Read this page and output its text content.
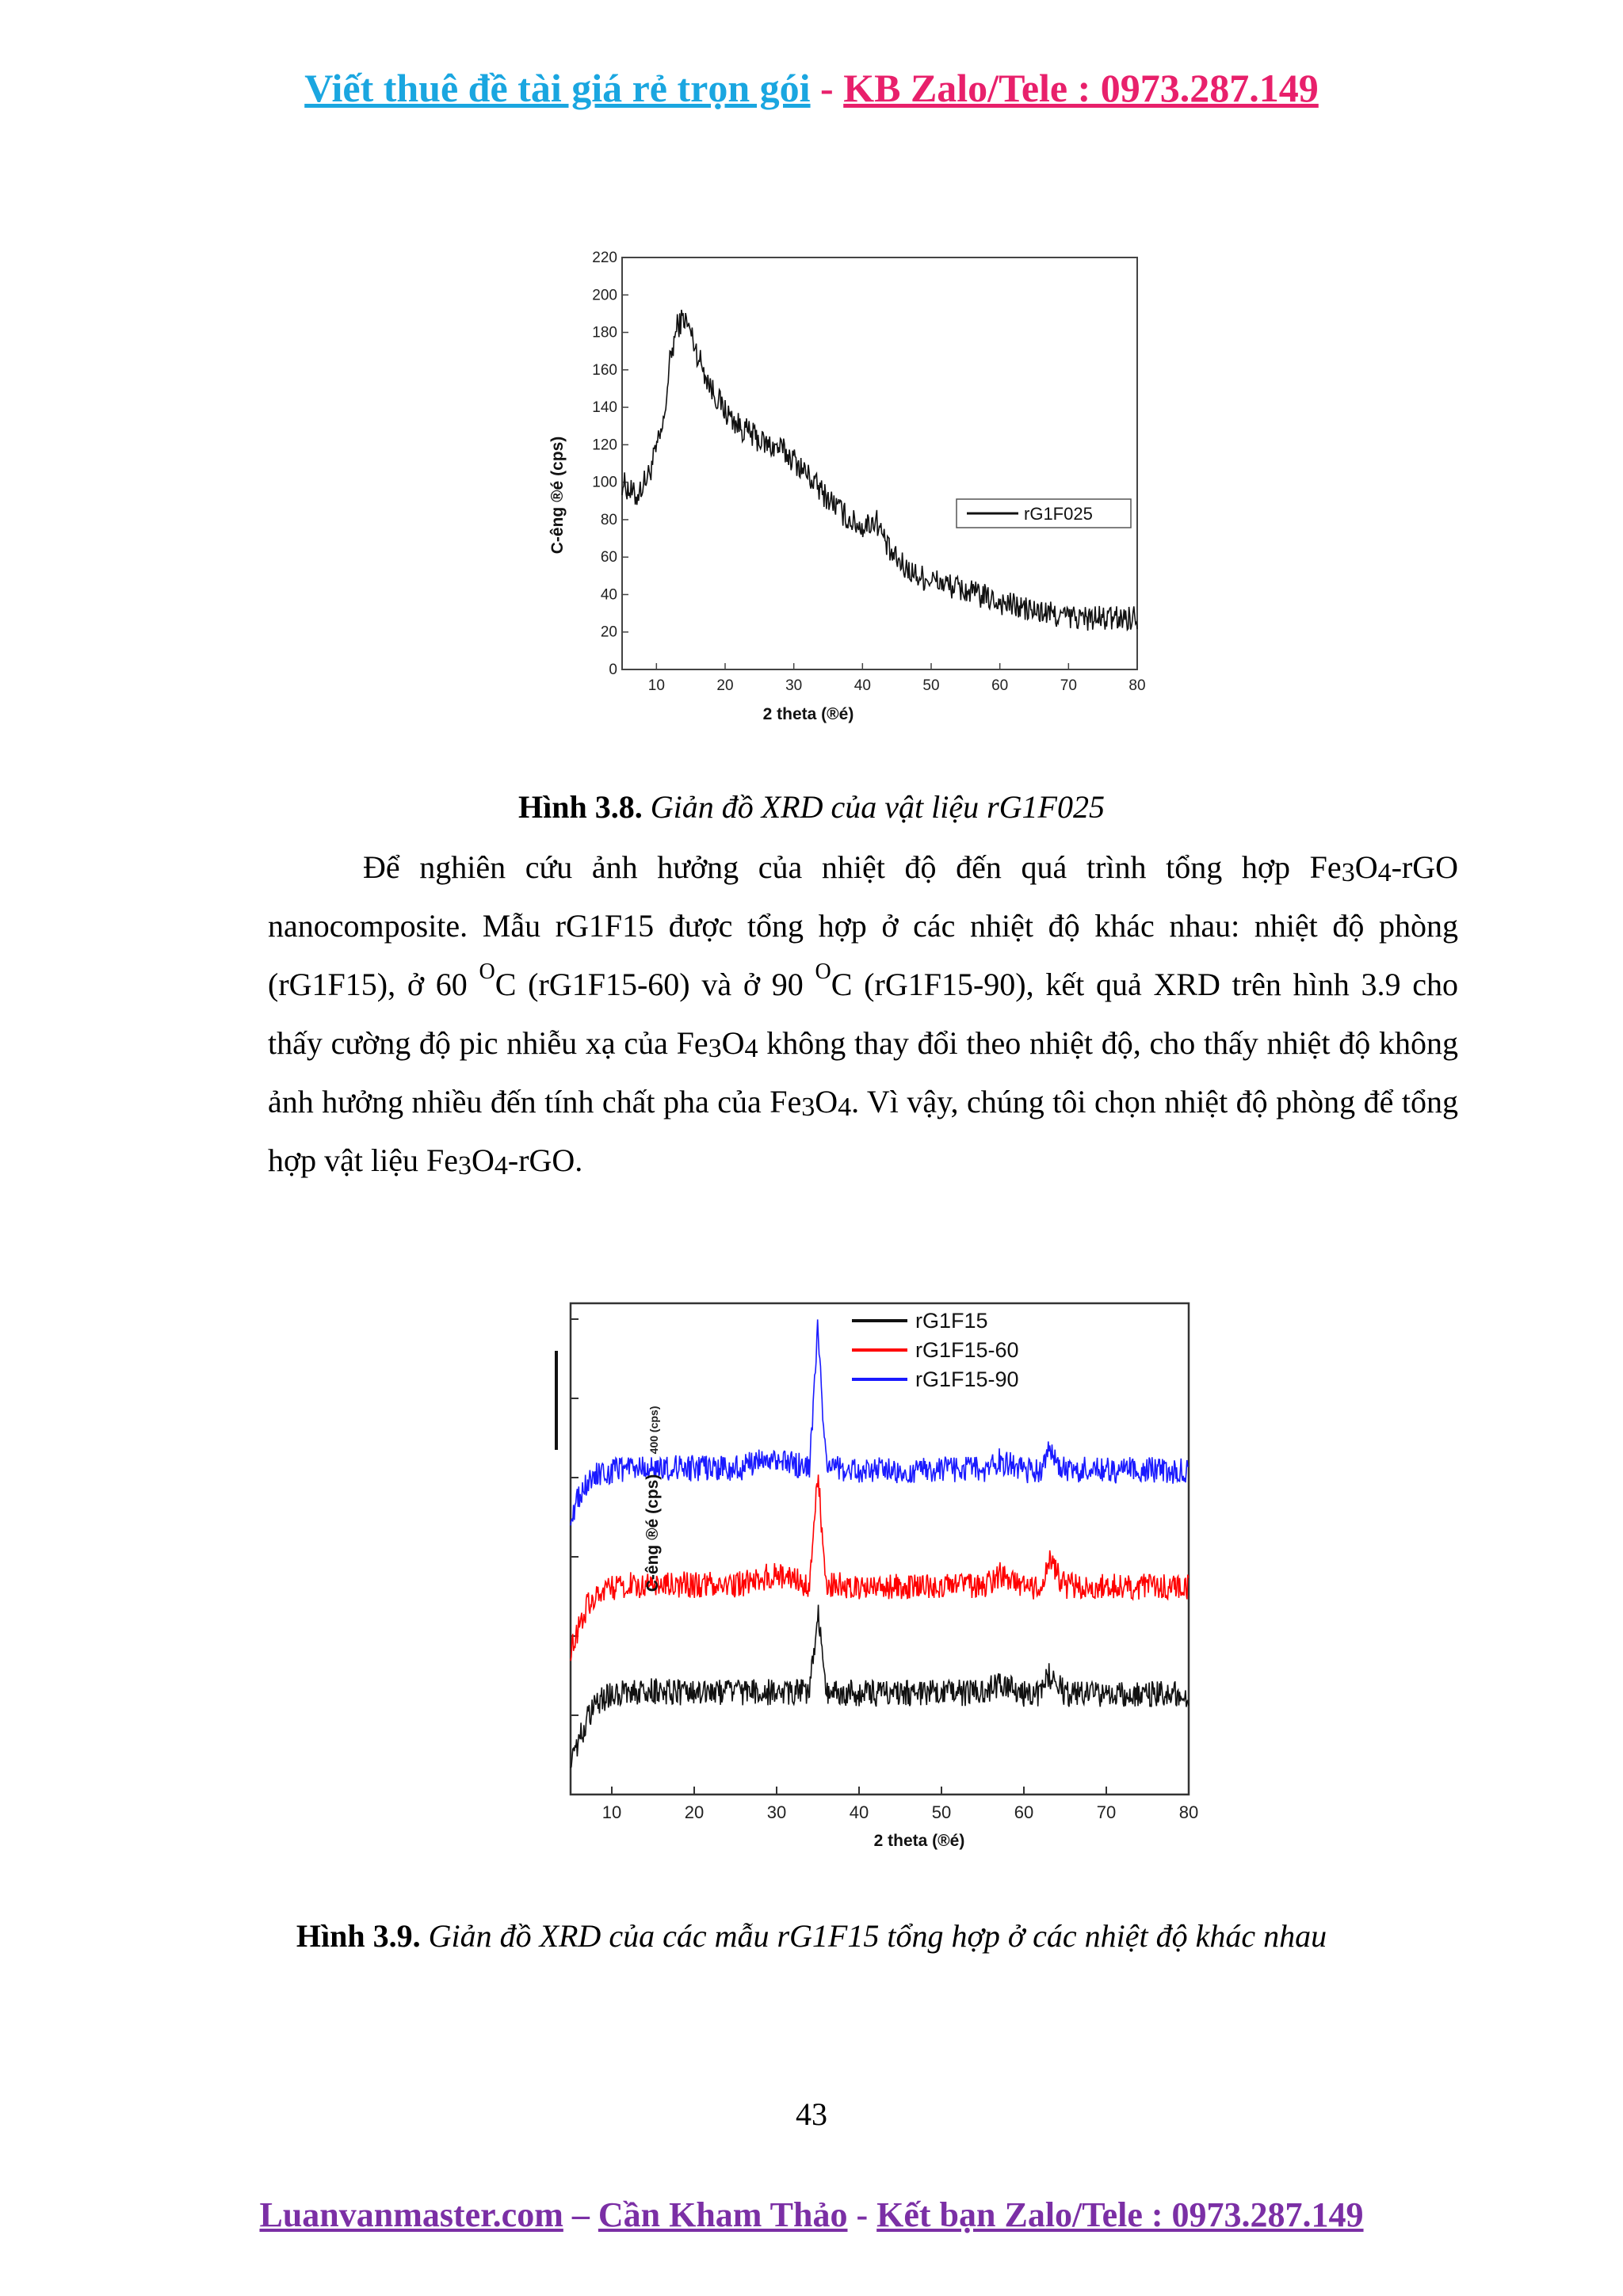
Viết thuê đề tài giá rẻ trọn gói - KB Zalo/Tele : 0973.287.149
10	20	30	40	50	60	70	80
0
20
40
60
80
100
120
140
160
180
200
220
rG1F025
2 theta (®é)
C-êng ®é (cps)
Hình 3.8. Giản đồ XRD của vật liệu rG1F025

Để nghiên cứu ảnh hưởng của nhiệt độ đến quá trình tổng hợp $Fe_3O_4$-rGO nanocomposite. Mẫu rG1F15 được tổng hợp ở các nhiệt độ khác nhau: nhiệt độ phòng (rG1F15), ở 60 $^O$C (rG1F15-60) và ở 90 $^O$C (rG1F15-90), kết quả XRD trên hình 3.9 cho thấy cường độ pic nhiễu xạ của $Fe_3O_4$ không thay đổi theo nhiệt độ, cho thấy nhiệt độ không ảnh hưởng nhiều đến tính chất pha của $Fe_3O_4$. Vì vậy, chúng tôi chọn nhiệt độ phòng để tổng hợp vật liệu $Fe_3O_4$-rGO.

10	20	30	40	50	60	70	80
rG1F15
rG1F15-60
rG1F15-90
2 theta (®é)
C-êng ®é (cps)
400 (cps)
Hình 3.9. Giản đồ XRD của các mẫu rG1F15 tổng hợp ở các nhiệt độ khác nhau
43
Luanvanmaster.com – Cần Kham Thảo - Kết bạn Zalo/Tele : 0973.287.149
